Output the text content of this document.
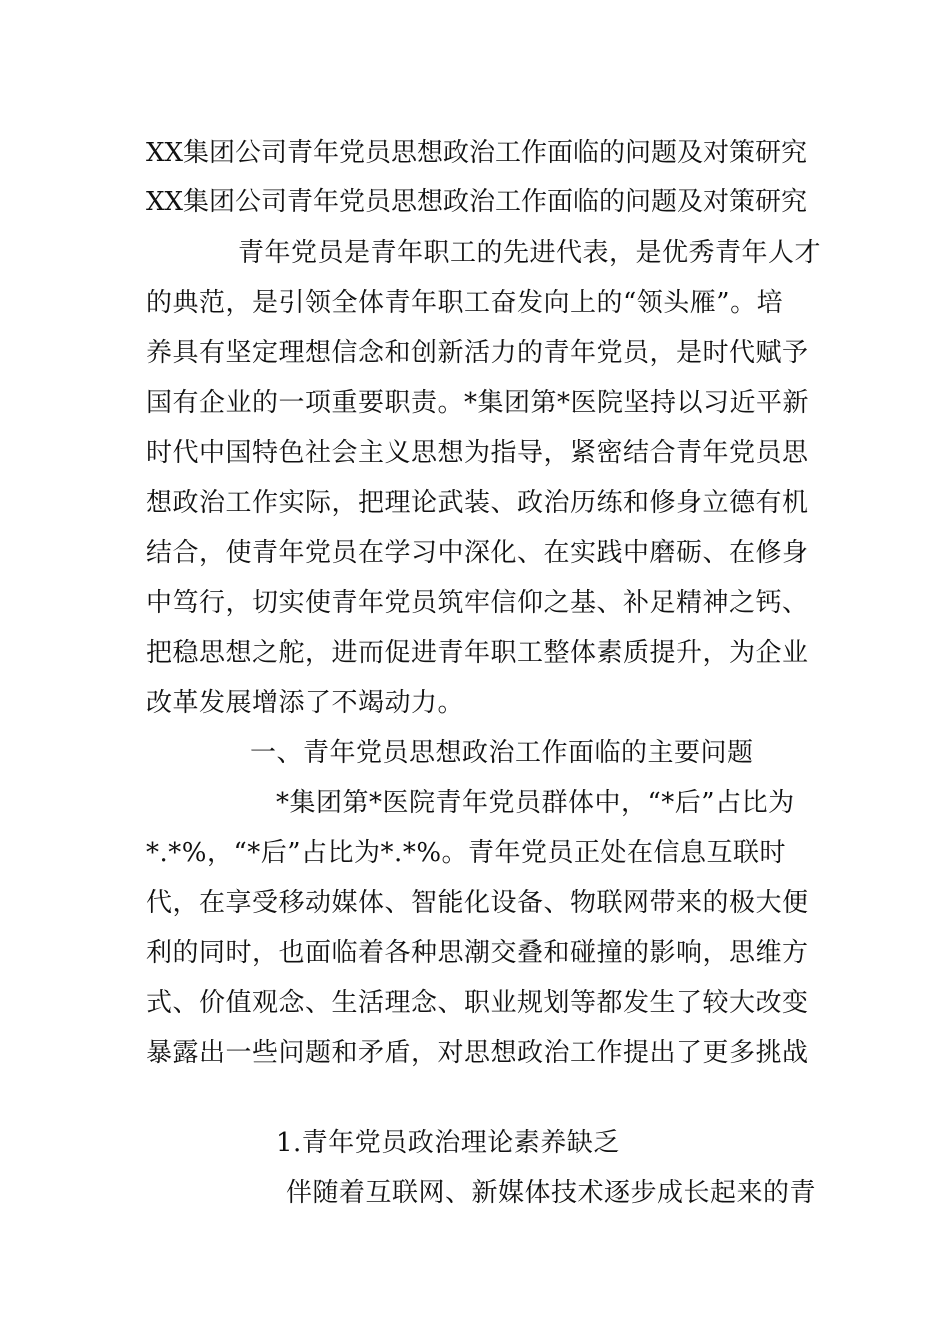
XX集团公司青年党员思想政治工作面临的问题及对策研究
XX集团公司青年党员思想政治工作面临的问题及对策研究
青年党员是青年职工的先进代表，是优秀青年人才
的典范，是引领全体青年职工奋发向上的“领头雁”。培
养具有坚定理想信念和创新活力的青年党员，是时代赋予
国有企业的一项重要职责。*集团第*医院坚持以习近平新
时代中国特色社会主义思想为指导，紧密结合青年党员思
想政治工作实际，把理论武装、政治历练和修身立德有机
结合，使青年党员在学习中深化、在实践中磨砺、在修身
中笃行，切实使青年党员筑牢信仰之基、补足精神之钙、
把稳思想之舵，进而促进青年职工整体素质提升，为企业
改革发展增添了不竭动力。
一、青年党员思想政治工作面临的主要问题
*集团第*医院青年党员群体中，“*后”占比为
*.*%，“*后”占比为*.*%。青年党员正处在信息互联时
代，在享受移动媒体、智能化设备、物联网带来的极大便
利的同时，也面临着各种思潮交叠和碰撞的影响，思维方
式、价值观念、生活理念、职业规划等都发生了较大改变
暴露出一些问题和矛盾，对思想政治工作提出了更多挑战
1.青年党员政治理论素养缺乏
伴随着互联网、新媒体技术逐步成长起来的青
